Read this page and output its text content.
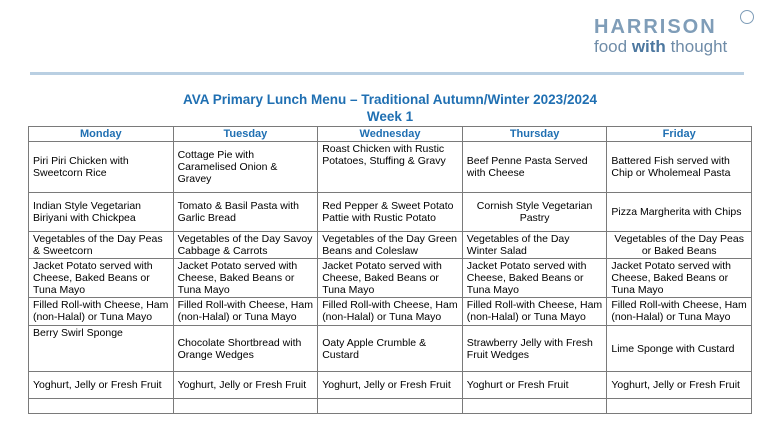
HARRISON
food with thought
AVA Primary Lunch Menu – Traditional Autumn/Winter 2023/2024
Week 1
Monday	Tuesday	Wednesday	Thursday	Friday
Piri Piri Chicken with Sweetcorn Rice	Cottage Pie with Caramelised Onion & Gravey	Roast Chicken with Rustic Potatoes, Stuffing & Gravy	Beef Penne Pasta Served with Cheese	Battered Fish served with Chip or Wholemeal Pasta
Indian Style Vegetarian Biriyani with Chickpea	Tomato & Basil Pasta with Garlic Bread	Red Pepper & Sweet Potato Pattie with Rustic Potato	Cornish Style Vegetarian Pastry	Pizza Margherita with Chips
Vegetables of the Day Peas & Sweetcorn	Vegetables of the Day Savoy Cabbage & Carrots	Vegetables of the Day Green Beans and Coleslaw	Vegetables of the Day Winter Salad	Vegetables of the Day Peas or Baked Beans
Jacket Potato served with Cheese, Baked Beans or Tuna Mayo	Jacket Potato served with Cheese, Baked Beans or Tuna Mayo	Jacket Potato served with Cheese, Baked Beans or Tuna Mayo	Jacket Potato served with Cheese, Baked Beans or Tuna Mayo	Jacket Potato served with Cheese, Baked Beans or Tuna Mayo
Filled Roll-with Cheese, Ham (non-Halal) or Tuna Mayo	Filled Roll-with Cheese, Ham (non-Halal) or Tuna Mayo	Filled Roll-with Cheese, Ham (non-Halal) or Tuna Mayo	Filled Roll-with Cheese, Ham (non-Halal) or Tuna Mayo	Filled Roll-with Cheese, Ham (non-Halal) or Tuna Mayo
Berry Swirl Sponge	Chocolate Shortbread with Orange Wedges	Oaty Apple Crumble & Custard	Strawberry Jelly with Fresh Fruit Wedges	Lime Sponge with Custard
Yoghurt, Jelly or Fresh Fruit	Yoghurt, Jelly or Fresh Fruit	Yoghurt, Jelly or Fresh Fruit	Yoghurt or Fresh Fruit	Yoghurt, Jelly or Fresh Fruit
